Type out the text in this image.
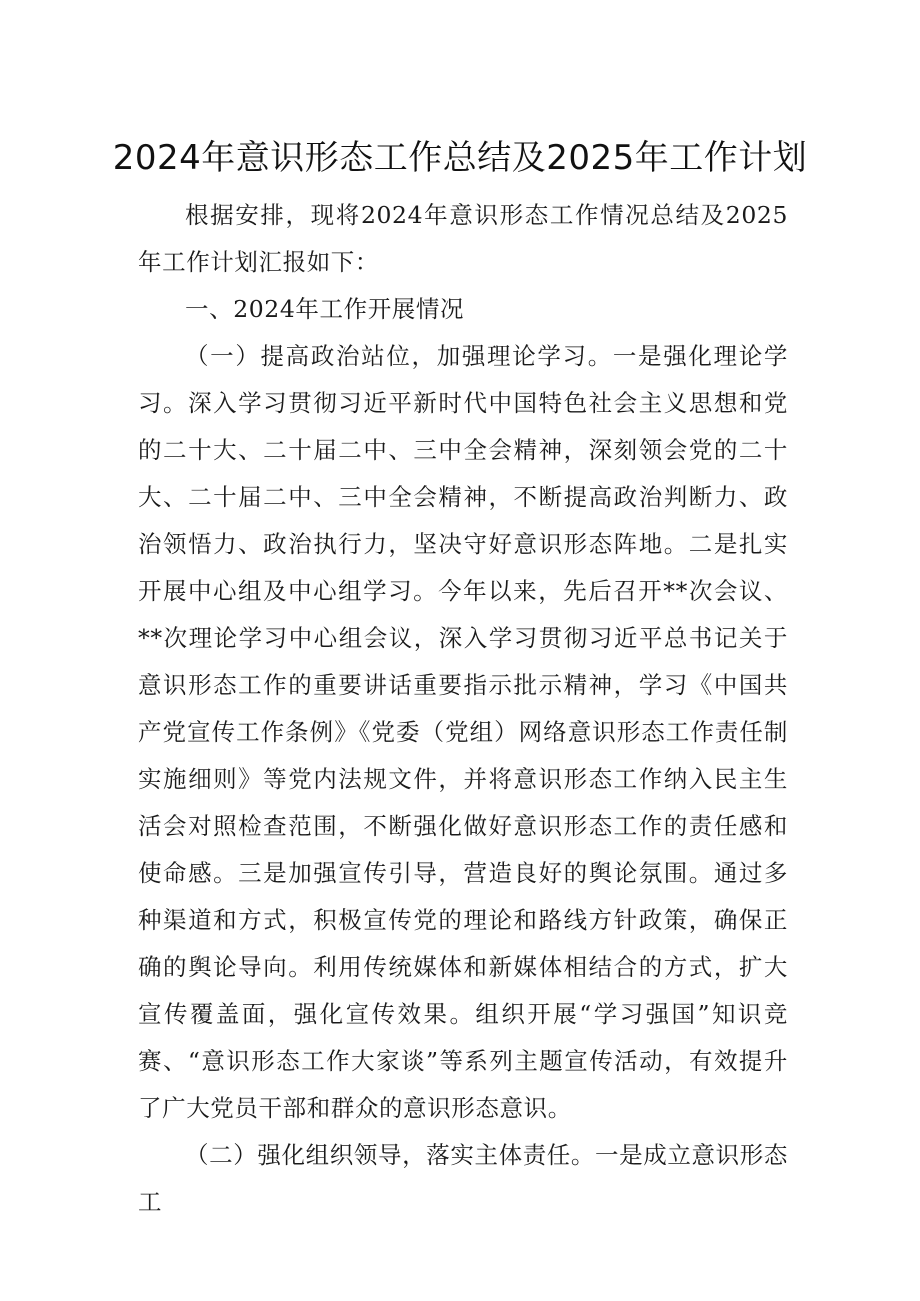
2024年意识形态工作总结及2025年工作计划

根据安排，现将2024年意识形态工作情况总结及2025年工作计划汇报如下：

一、2024年工作开展情况

（一）提高政治站位，加强理论学习。一是强化理论学习。深入学习贯彻习近平新时代中国特色社会主义思想和党的二十大、二十届二中、三中全会精神，深刻领会党的二十大、二十届二中、三中全会精神，不断提高政治判断力、政治领悟力、政治执行力，坚决守好意识形态阵地。二是扎实开展中心组及中心组学习。今年以来，先后召开**次会议、**次理论学习中心组会议，深入学习贯彻习近平总书记关于意识形态工作的重要讲话重要指示批示精神，学习《中国共产党宣传工作条例》《党委（党组）网络意识形态工作责任制实施细则》等党内法规文件，并将意识形态工作纳入民主生活会对照检查范围，不断强化做好意识形态工作的责任感和使命感。三是加强宣传引导，营造良好的舆论氛围。通过多种渠道和方式，积极宣传党的理论和路线方针政策，确保正确的舆论导向。利用传统媒体和新媒体相结合的方式，扩大宣传覆盖面，强化宣传效果。组织开展“学习强国”知识竞赛、“意识形态工作大家谈”等系列主题宣传活动，有效提升了广大党员干部和群众的意识形态意识。

（二）强化组织领导，落实主体责任。一是成立意识形态工
